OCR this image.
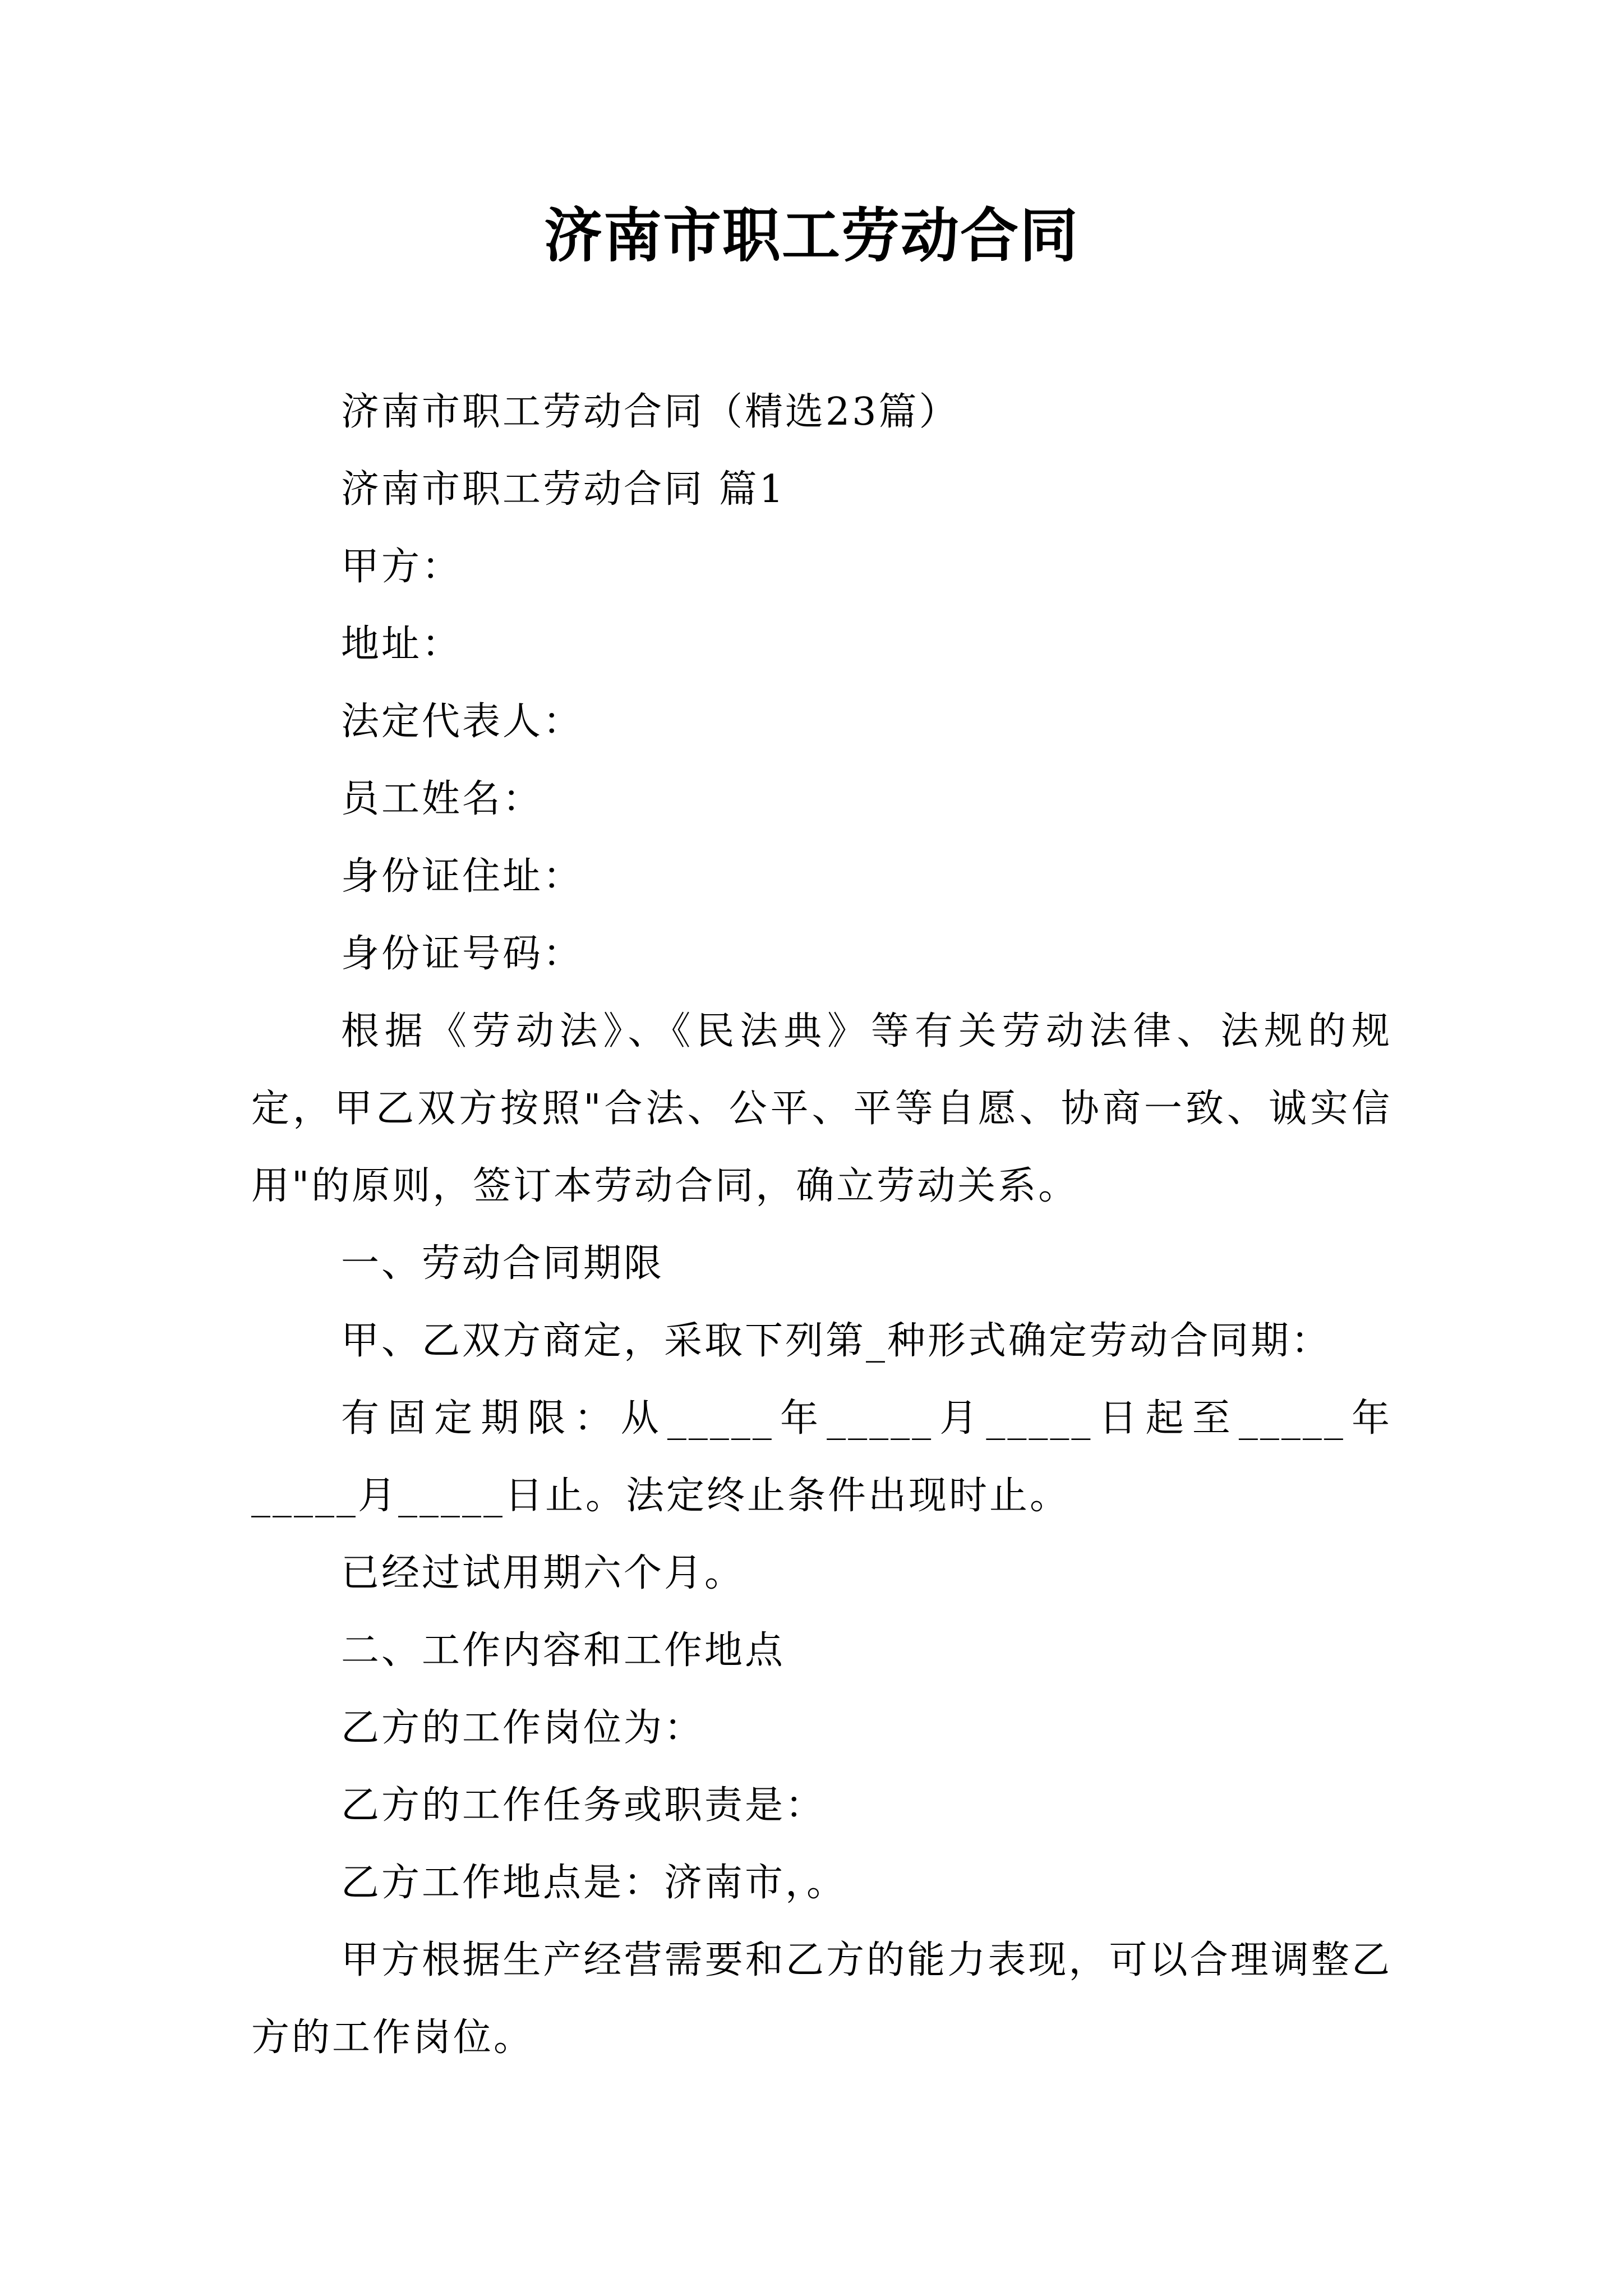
济南市职工劳动合同

济南市职工劳动合同（精选23篇）

济南市职工劳动合同 篇1

甲方：

地址：

法定代表人：

员工姓名：

身份证住址：

身份证号码：

根据《劳动法》、《民法典》等有关劳动法律、法规的规定，甲乙双方按照"合法、公平、平等自愿、协商一致、诚实信用"的原则，签订本劳动合同，确立劳动关系。

一、劳动合同期限

甲、乙双方商定，采取下列第_种形式确定劳动合同期：

有固定期限：从_____年_____月_____日起至_____年_____月_____日止。法定终止条件出现时止。

已经过试用期六个月。

二、工作内容和工作地点

乙方的工作岗位为：

乙方的工作任务或职责是：

乙方工作地点是：济南市，。

甲方根据生产经营需要和乙方的能力表现，可以合理调整乙方的工作岗位。
